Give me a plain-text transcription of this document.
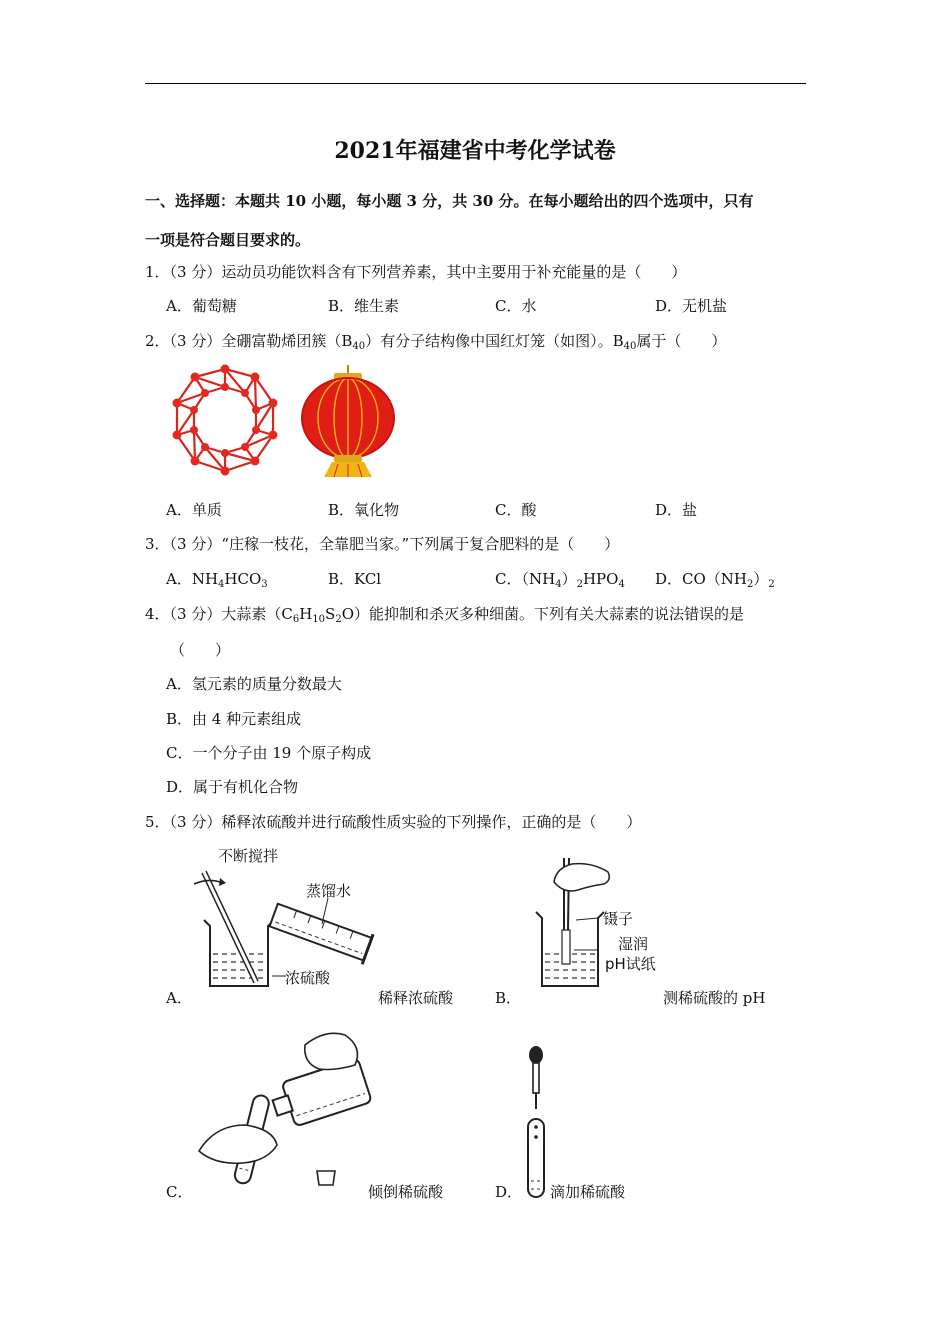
2021年福建省中考化学试卷
一、选择题：本题共 10 小题，每小题 3 分，共 30 分。在每小题给出的四个选项中，只有
一项是符合题目要求的。
1．（3 分）运动员功能饮料含有下列营养素，其中主要用于补充能量的是（　　）
A．葡萄糖	B．维生素	C．水	D．无机盐
2．（3 分）全硼富勒烯团簇$(B_{40})$有分子结构像中国红灯笼（如图）。$B_{40}$属于（　　）
A．单质	B．氧化物	C．酸	D．盐
3．（3 分）“庄稼一枝花，全靠肥当家。”下列属于复合肥料的是（　　）
A．$NH_4HCO_3$	B．KCl	C．$(NH_4)_2HPO_4$ D．$CO(NH_2)_2$
4．（3 分）大蒜素$(C_6H_{10}S_2O)$能抑制和杀灭多种细菌。下列有关大蒜素的说法错误的是
（　　）
A．氢元素的质量分数最大
B．由 4 种元素组成
C．一个分子由 19 个原子构成
D．属于有机化合物
5．（3 分）稀释浓硫酸并进行硫酸性质实验的下列操作，正确的是（　　）
不断搅拌
蒸馏水
浓硫酸
A．	稀释浓硫酸
镊子
湿润
pH试纸
B．	测稀硫酸的 pH
C．	倾倒稀硫酸	D． 滴加稀硫酸
